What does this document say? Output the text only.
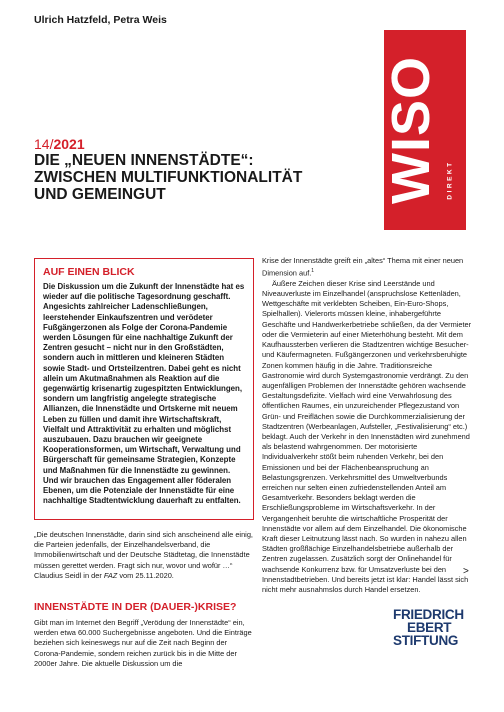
Ulrich Hatzfeld, Petra Weis
WISO DIREKT
14/2021
DIE „NEUEN INNENSTÄDTE“:
ZWISCHEN MULTIFUNKTIONALITÄT
UND GEMEINGUT
AUF EINEN BLICK
Die Diskussion um die Zukunft der Innenstädte hat es wieder auf die politische Tagesordnung geschafft. Angesichts zahlreicher Ladenschließungen, leerstehender Einkaufszentren und verödeter Fußgängerzonen als Folge der Corona-Pandemie werden Lösungen für eine nachhaltige Zukunft der Zentren gesucht – nicht nur in den Großstädten, sondern auch in mittleren und kleineren Städten sowie Stadt- und Ortsteilzentren. Dabei geht es nicht allein um Akutmaßnahmen als Reaktion auf die gegenwärtig krisenartig zugespitzten Entwicklungen, sondern um langfristig angelegte strategische Allianzen, die Innenstädte und Ortskerne mit neuem Leben zu füllen und damit ihre Wirtschaftskraft, Vielfalt und Attraktivität zu erhalten und möglichst auszubauen. Dazu brauchen wir geeignete Kooperationsformen, um Wirtschaft, Verwaltung und Bürgerschaft für gemeinsame Strategien, Konzepte und Maßnahmen für die Innenstädte zu gewinnen. Und wir brauchen das Engagement aller föderalen Ebenen, um die Potenziale der Innenstädte für eine nachhaltige Stadtentwicklung dauerhaft zu entfalten.
„Die deutschen Innenstädte, darin sind sich anscheinend alle einig, die Parteien jedenfalls, der Einzelhandelsverband, die Immobilienwirtschaft und der Deutsche Städtetag, die Innenstädte müssen gerettet werden. Fragt sich nur, wovor und wofür …“ Claudius Seidl in der FAZ vom 25.11.2020.
INNENSTÄDTE IN DER (DAUER-)KRISE?
Gibt man im Internet den Begriff „Verödung der Innenstädte“ ein, werden etwa 60.000 Suchergebnisse angeboten. Und die Einträge beziehen sich keineswegs nur auf die Zeit nach Beginn der Corona-Pandemie, sondern reichen zurück bis in die Mitte der 2000er Jahre. Die aktuelle Diskussion um die

Krise der Innenstädte greift ein „altes“ Thema mit einer neuen Dimension auf.$^1$

Äußere Zeichen dieser Krise sind Leerstände und Niveauverluste im Einzelhandel (anspruchslose Kettenläden, Wettgeschäfte mit verklebten Scheiben, Ein-Euro-Shops, Spielhallen). Vielerorts müssen kleine, inhabergeführte Geschäfte und Handwerkerbetriebe schließen, da der Vermieter oder die Vermieterin auf einer Mieterhöhung besteht. Mit dem Kaufhaussterben verlieren die Stadtzentren wichtige Besucher- und Käufermagneten. Fußgängerzonen und verkehrsberuhigte Zonen kommen häufig in die Jahre. Traditionsreiche Gastronomie wird durch Systemgastronomie verdrängt. Zu den augenfälligen Problemen der Innenstädte gehören wachsende Gestaltungsdefizite. Vielfach wird eine Verwahrlosung des öffentlichen Raumes, ein unzureichender Pflegezustand von Grün- und Freiflächen sowie die Durchkommerzialisierung der Stadtzentren (Werbeanlagen, Aufsteller, „Festivalisierung“ etc.) beklagt. Auch der Verkehr in den Innenstädten wird zunehmend als belastend wahrgenommen. Der motorisierte Individualverkehr stößt beim ruhenden Verkehr, bei den Emissionen und bei der Flächenbeanspruchung an Belastungsgrenzen. Verkehrsmittel des Umweltverbunds erreichen nur selten einen zufriedenstellenden Anteil am Gesamtverkehr. Besonders beklagt werden die Erschließungsprobleme im Wirtschaftsverkehr. In der Vergangenheit beruhte die wirtschaftliche Prosperität der Innenstädte vor allem auf dem Einzelhandel. Die ökonomische Kraft dieser Leitnutzung lässt nach. So wurden in nahezu allen Städten großflächige Einzelhandelsbetriebe außerhalb der Zentren zugelassen. Zusätzlich sorgt der Onlinehandel für wachsende Konkurrenz bzw. für Umsatzverluste bei den Innenstadtbetrieben. Und bereits jetzt ist klar: Handel lässt sich nicht mehr ausnahmslos durch Handel ersetzen.

>
FRIEDRICH
EBERT
STIFTUNG
